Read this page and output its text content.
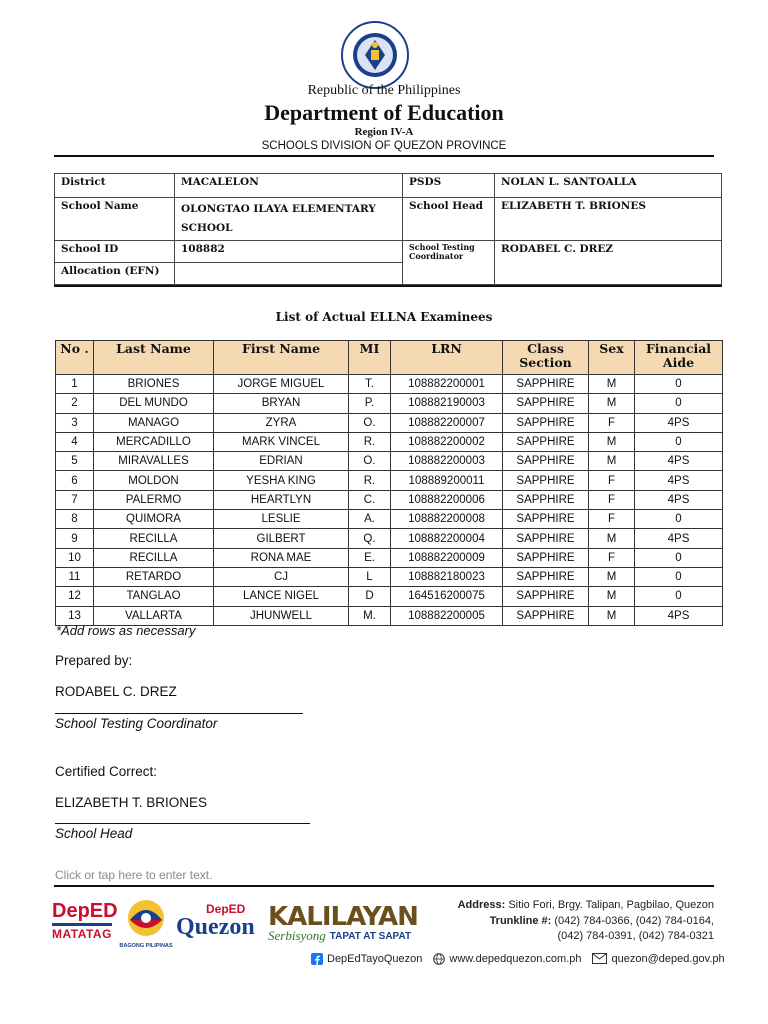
Republic of the Philippines
Department of Education
Region IV-A
SCHOOLS DIVISION OF QUEZON PROVINCE
District	MACALELON	PSDS	NOLAN L. SANTOALLA
School Name	OLONGTAO ILAYA ELEMENTARY SCHOOL	School Head	ELIZABETH T. BRIONES
School ID	108882	School Testing Coordinator	RODABEL C. DREZ
Allocation (EFN)			
List of Actual ELLNA Examinees
No .	Last Name	First Name	MI	LRN	Class Section	Sex	Financial Aide
1	BRIONES	JORGE MIGUEL	T.	108882200001	SAPPHIRE	M	0
2	DEL MUNDO	BRYAN	P.	108882190003	SAPPHIRE	M	0
3	MANAGO	ZYRA	O.	108882200007	SAPPHIRE	F	4PS
4	MERCADILLO	MARK VINCEL	R.	108882200002	SAPPHIRE	M	0
5	MIRAVALLES	EDRIAN	O.	108882200003	SAPPHIRE	M	4PS
6	MOLDON	YESHA KING	R.	108889200011	SAPPHIRE	F	4PS
7	PALERMO	HEARTLYN	C.	108882200006	SAPPHIRE	F	4PS
8	QUIMORA	LESLIE	A.	108882200008	SAPPHIRE	F	0
9	RECILLA	GILBERT	Q.	108882200004	SAPPHIRE	M	4PS
10	RECILLA	RONA MAE	E.	108882200009	SAPPHIRE	F	0
11	RETARDO	CJ	L	108882180023	SAPPHIRE	M	0
12	TANGLAO	LANCE NIGEL	D	164516200075	SAPPHIRE	M	0
13	VALLARTA	JHUNWELL	M.	108882200005	SAPPHIRE	M	4PS
*Add rows as necessary
Prepared by:
RODABEL C. DREZ
School Testing Coordinator
Certified Correct:
ELIZABETH T. BRIONES
School Head
Click or tap here to enter text.
DepED
MATATAG
BAGONG PILIPINAS
DepED
Quezon KALILAYAN
Serbisyong TAPAT AT SAPAT
Address: Sitio Fori, Brgy. Talipan, Pagbilao, Quezon
Trunkline #: (042) 784-0366, (042) 784-0164,
(042) 784-0391, (042) 784-0321
DepEdTayoQuezon www.depedquezon.com.ph	quezon@deped.gov.ph
